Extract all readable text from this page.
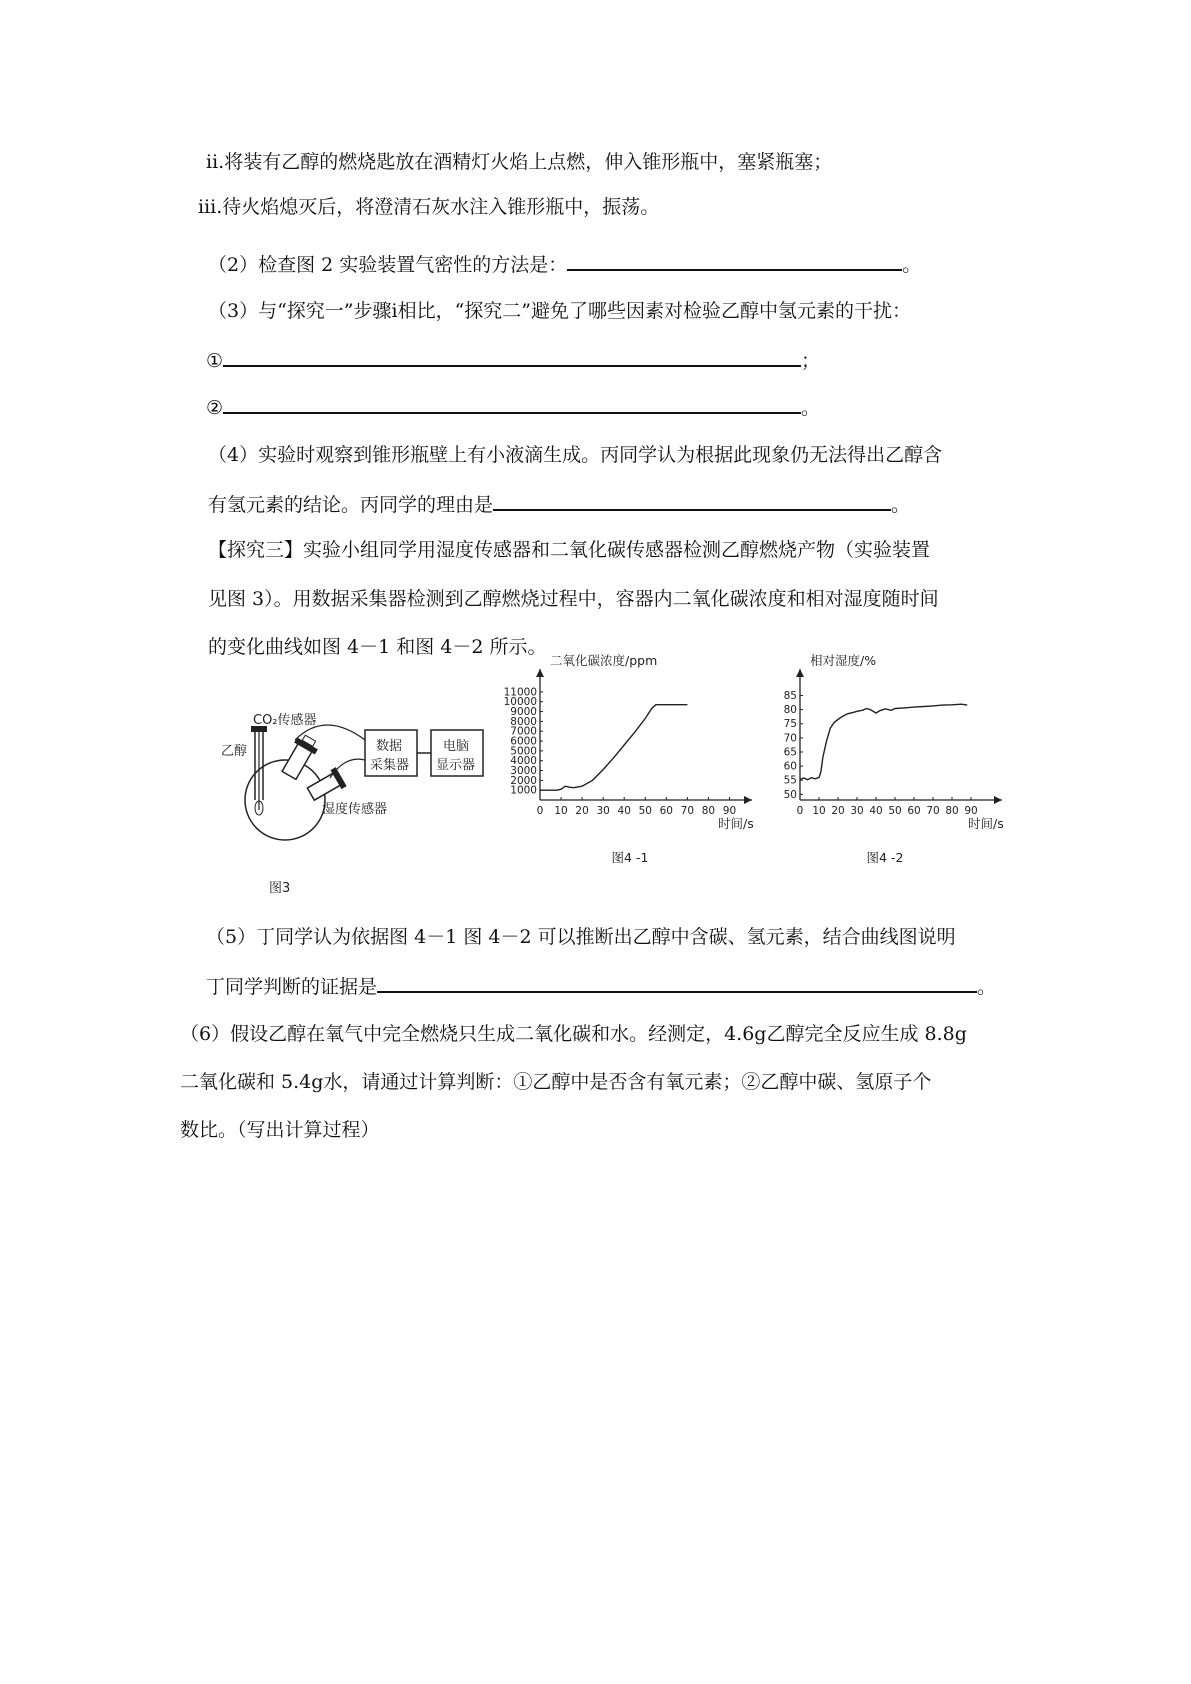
ⅱ.将装有乙醇的燃烧匙放在酒精灯火焰上点燃，伸入锥形瓶中，塞紧瓶塞；
ⅲ.待火焰熄灭后，将澄清石灰水注入锥形瓶中，振荡。
（2）检查图 2 实验装置气密性的方法是：	。
（3）与“探究一”步骤ⅰ相比，“探究二”避免了哪些因素对检验乙醇中氢元素的干扰：
①	；
②	。
（4）实验时观察到锥形瓶壁上有小液滴生成。丙同学认为根据此现象仍无法得出乙醇含
有氢元素的结论。丙同学的理由是	。
【探究三】实验小组同学用湿度传感器和二氧化碳传感器检测乙醇燃烧产物（实验装置
见图 3）。用数据采集器检测到乙醇燃烧过程中，容器内二氧化碳浓度和相对湿度随时间
的变化曲线如图 4－1 和图 4－2 所示。
CO₂传感器
乙醇	数据
采集器
电脑
显示器
湿度传感器
图3
0 10 20 30 40 50 60 70 80 90
1000
2000
3000
4000
5000
6000
7000
8000
9000
10000
11000
二氧化碳浓度/ppm
时间/s
图4 -1
0 10 20 30 40 50 60 70 80 90
50
55
60
65
70
75
80
85
相对湿度/%
时间/s
图4 -2
（5）丁同学认为依据图 4－1 图 4－2 可以推断出乙醇中含碳、氢元素，结合曲线图说明
丁同学判断的证据是	。
（6）假设乙醇在氧气中完全燃烧只生成二氧化碳和水。经测定，4.6g乙醇完全反应生成 8.8g
二氧化碳和 5.4g水，请通过计算判断：①乙醇中是否含有氧元素；②乙醇中碳、氢原子个
数比。（写出计算过程）
